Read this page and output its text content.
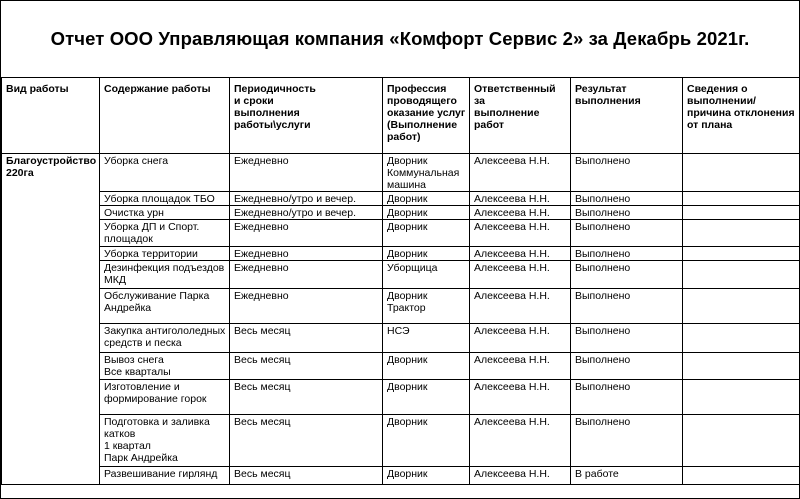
Отчет ООО Управляющая компания «Комфорт Сервис 2» за Декабрь 2021г.
Вид работы	Содержание работы	Периодичность
и сроки
выполнения
работы\услуги	Профессия
проводящего
оказание услуг
(Выполнение
работ)	Ответственный за
выполнение
работ	Результат
выполнения	Сведения о
выполнении/
причина отклонения
от плана
Благоустройство
220га	Уборка снега	Ежедневно	Дворник
Коммунальная
машина	Алексеева Н.Н.	Выполнено	
	Уборка площадок ТБО	Ежедневно/утро и вечер.	Дворник	Алексеева Н.Н.	Выполнено	
	Очистка урн	Ежедневно/утро и вечер.	Дворник	Алексеева Н.Н.	Выполнено	
	Уборка ДП и Спорт.
площадок	Ежедневно	Дворник	Алексеева Н.Н.	Выполнено	
	Уборка территории	Ежедневно	Дворник	Алексеева Н.Н.	Выполнено	
	Дезинфекция подъездов
МКД	Ежедневно	Уборщица	Алексеева Н.Н.	Выполнено	
	Обслуживание Парка
Андрейка	Ежедневно	Дворник
Трактор	Алексеева Н.Н.	Выполнено	
	Закупка антигололедных
средств и песка	Весь месяц	НСЭ	Алексеева Н.Н.	Выполнено	
	Вывоз снега
Все кварталы	Весь месяц	Дворник	Алексеева Н.Н.	Выполнено	
	Изготовление и
формирование горок	Весь месяц	Дворник	Алексеева Н.Н.	Выполнено	
	Подготовка и заливка
катков
1 квартал
Парк Андрейка	Весь месяц	Дворник	Алексеева Н.Н.	Выполнено	
	Развешивание гирлянд	Весь месяц	Дворник	Алексеева Н.Н.	В работе	
